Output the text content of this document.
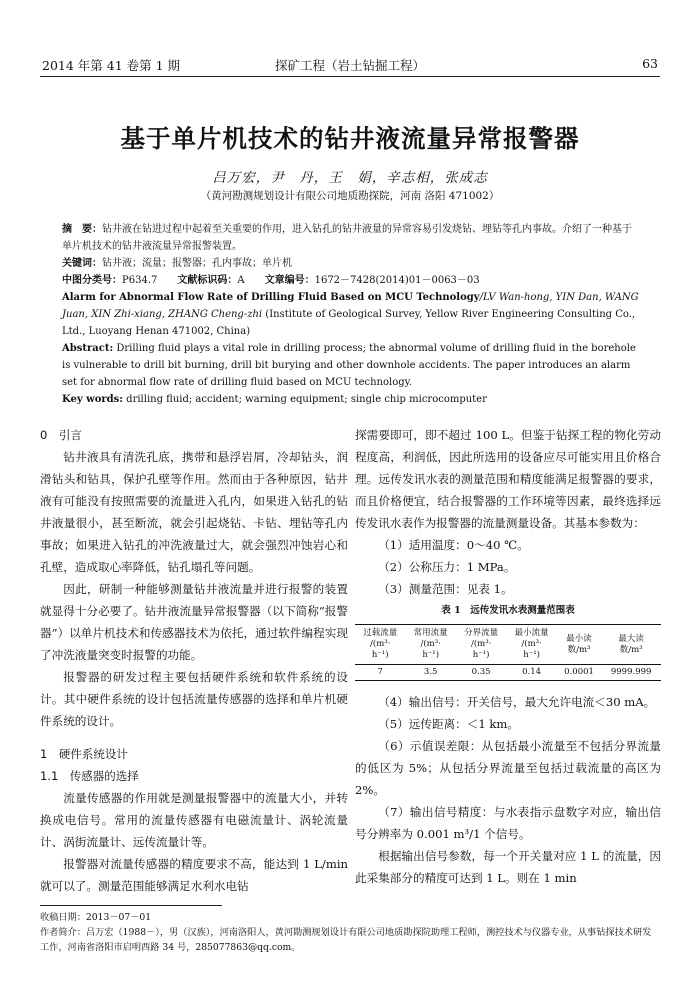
2014 年第 41 卷第 1 期	探矿工程（岩土钻掘工程）	63
基于单片机技术的钻井液流量异常报警器
吕万宏，尹　丹，王　娟，辛志相，张成志
（黄河勘测规划设计有限公司地质勘探院，河南 洛阳 471002）

摘　要：钻井液在钻进过程中起着至关重要的作用，进入钻孔的钻井液量的异常容易引发烧钻、埋钻等孔内事故。介绍了一种基于单片机技术的钻井液流量异常报警装置。

关键词：钻井液；流量；报警器；孔内事故；单片机

中图分类号：P634.7   文献标识码：A   文章编号：1672－7428(2014)01－0063－03

Alarm for Abnormal Flow Rate of Drilling Fluid Based on MCU Technology/LV Wan-hong, YIN Dan, WANG Juan, XIN Zhi-xiang, ZHANG Cheng-zhi (Institute of Geological Survey, Yellow River Engineering Consulting Co., Ltd., Luoyang Henan 471002, China)

Abstract: Drilling fluid plays a vital role in drilling process; the abnormal volume of drilling fluid in the borehole is vulnerable to drill bit burning, drill bit burying and other downhole accidents. The paper introduces an alarm set for abnormal flow rate of drilling fluid based on MCU technology.

Key words: drilling fluid; accident; warning equipment; single chip microcomputer

0　引言

钻井液具有清洗孔底，携带和悬浮岩屑，冷却钻头，润滑钻头和钻具，保护孔壁等作用。然而由于各种原因，钻井液有可能没有按照需要的流量进入孔内，如果进入钻孔的钻井液量很小，甚至断流，就会引起烧钻、卡钻、埋钻等孔内事故；如果进入钻孔的冲洗液量过大，就会强烈冲蚀岩心和孔壁，造成取心率降低，钻孔塌孔等问题。

因此，研制一种能够测量钻井液流量并进行报警的装置就显得十分必要了。钻井液流量异常报警器（以下简称“报警器”）以单片机技术和传感器技术为依托，通过软件编程实现了冲洗液量突变时报警的功能。

报警器的研发过程主要包括硬件系统和软件系统的设计。其中硬件系统的设计包括流量传感器的选择和单片机硬件系统的设计。

1　硬件系统设计

1.1　传感器的选择

流量传感器的作用就是测量报警器中的流量大小，并转换成电信号。常用的流量传感器有电磁流量计、涡轮流量计、涡街流量计、远传流量计等。

报警器对流量传感器的精度要求不高，能达到 1 L/min 就可以了。测量范围能够满足水利水电钻

探需要即可，即不超过 100 L。但鉴于钻探工程的物化劳动程度高，利润低，因此所选用的设备应尽可能实用且价格合理。远传发讯水表的测量范围和精度能满足报警器的要求，而且价格便宜，结合报警器的工作环境等因素，最终选择远传发讯水表作为报警器的流量测量设备。其基本参数为：

（1）适用温度：0～40 ℃。

（2）公称压力：1 MPa。

（3）测量范围：见表 1。

表 1　远传发讯水表测量范围表
过载流量
/(m³·
h⁻¹)	常用流量
/(m³·
h⁻¹)	分界流量
/(m³·
h⁻¹)	最小流量
/(m³·
h⁻¹)	最小读
数/m³	最大读
数/m³
7	3.5	0.35	0.14	0.0001	9999.999

（4）输出信号：开关信号，最大允许电流＜30 mA。

（5）远传距离：＜1 km。

（6）示值误差限：从包括最小流量至不包括分界流量的低区为 5%；从包括分界流量至包括过载流量的高区为 2%。

（7）输出信号精度：与水表指示盘数字对应，输出信号分辨率为 0.001 m³/1 个信号。

根据输出信号参数，每一个开关量对应 1 L 的流量，因此采集部分的精度可达到 1 L。则在 1 min

收稿日期：2013－07－01

作者简介：吕万宏（1988－），男（汉族），河南洛阳人，黄河勘测规划设计有限公司地质勘探院助理工程师，测控技术与仪器专业，从事钻探技术研发工作，河南省洛阳市启明西路 34 号，285077863@qq.com。
